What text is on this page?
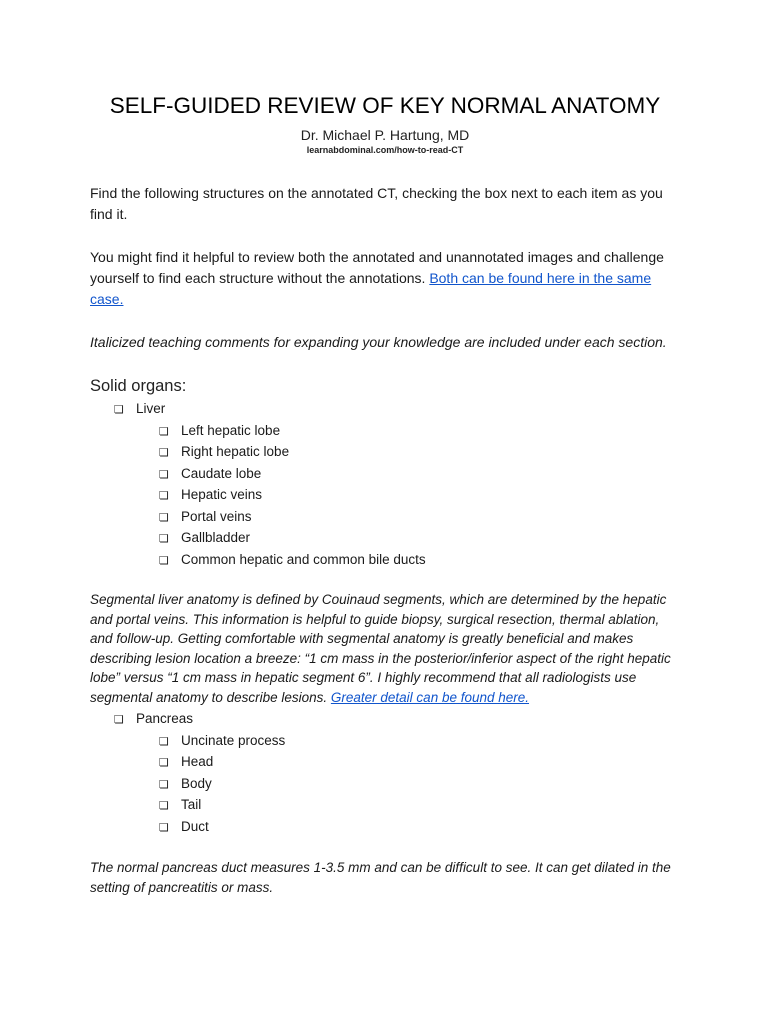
SELF-GUIDED REVIEW OF KEY NORMAL ANATOMY
Dr. Michael P. Hartung, MD
learnabdominal.com/how-to-read-CT

Find the following structures on the annotated CT, checking the box next to each item as you find it.

You might find it helpful to review both the annotated and unannotated images and challenge yourself to find each structure without the annotations. Both can be found here in the same case.

Italicized teaching comments for expanding your knowledge are included under each section.

Solid organs:
❏ Liver
❏ Left hepatic lobe
❏ Right hepatic lobe
❏ Caudate lobe
❏ Hepatic veins
❏ Portal veins
❏ Gallbladder
❏ Common hepatic and common bile ducts

Segmental liver anatomy is defined by Couinaud segments, which are determined by the hepatic and portal veins. This information is helpful to guide biopsy, surgical resection, thermal ablation, and follow-up. Getting comfortable with segmental anatomy is greatly beneficial and makes describing lesion location a breeze: “1 cm mass in the posterior/inferior aspect of the right hepatic lobe” versus “1 cm mass in hepatic segment 6”. I highly recommend that all radiologists use segmental anatomy to describe lesions. Greater detail can be found here.

❏ Pancreas
❏ Uncinate process
❏ Head
❏ Body
❏ Tail
❏ Duct

The normal pancreas duct measures 1-3.5 mm and can be difficult to see. It can get dilated in the setting of pancreatitis or mass.
